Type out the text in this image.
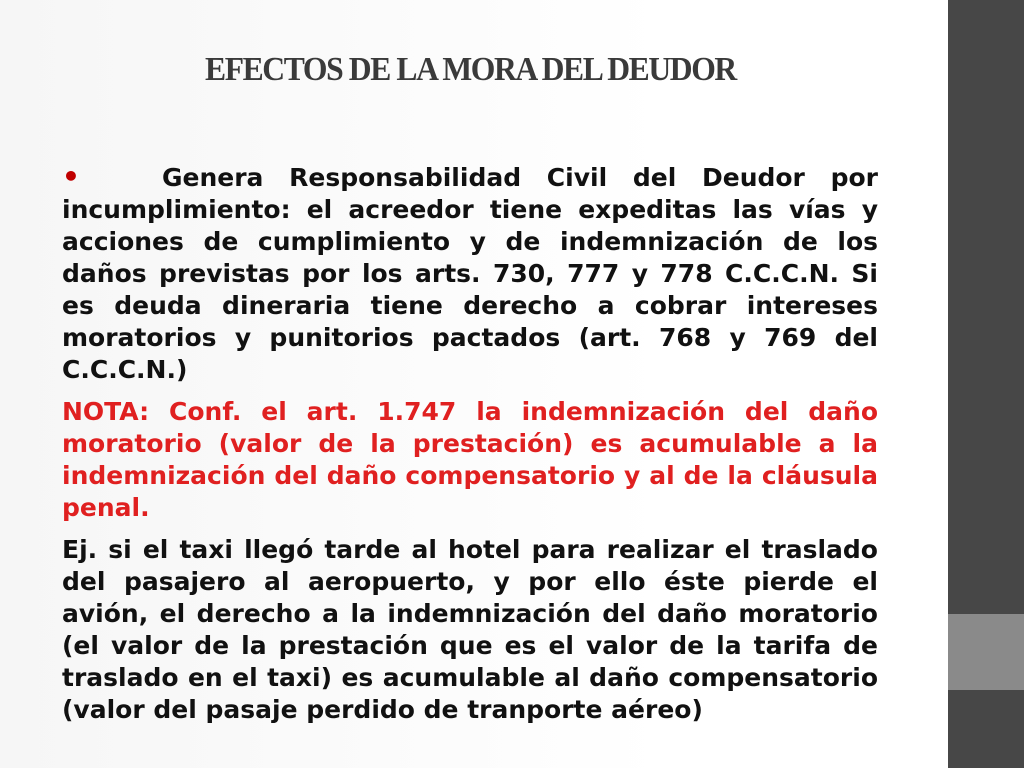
EFECTOS DE LA MORA DEL DEUDOR

•	Genera Responsabilidad Civil del Deudor por incumplimiento: el acreedor tiene expeditas las vías y acciones de cumplimiento y de indemnización de los daños previstas por los arts. 730, 777 y 778 C.C.C.N. Si es deuda dineraria tiene derecho a cobrar intereses moratorios y punitorios pactados (art. 768 y 769 del C.C.C.N.)

NOTA: Conf. el art. 1.747 la indemnización del daño moratorio (valor de la prestación) es acumulable a la indemnización del daño compensatorio y al de la cláusula penal.

Ej. si el taxi llegó tarde al hotel para realizar el traslado del pasajero al aeropuerto, y por ello éste pierde el avión, el derecho a la indemnización del daño moratorio (el valor de la prestación que es el valor de la tarifa de traslado en el taxi) es acumulable al daño compensatorio (valor del pasaje perdido de tranporte aéreo)
